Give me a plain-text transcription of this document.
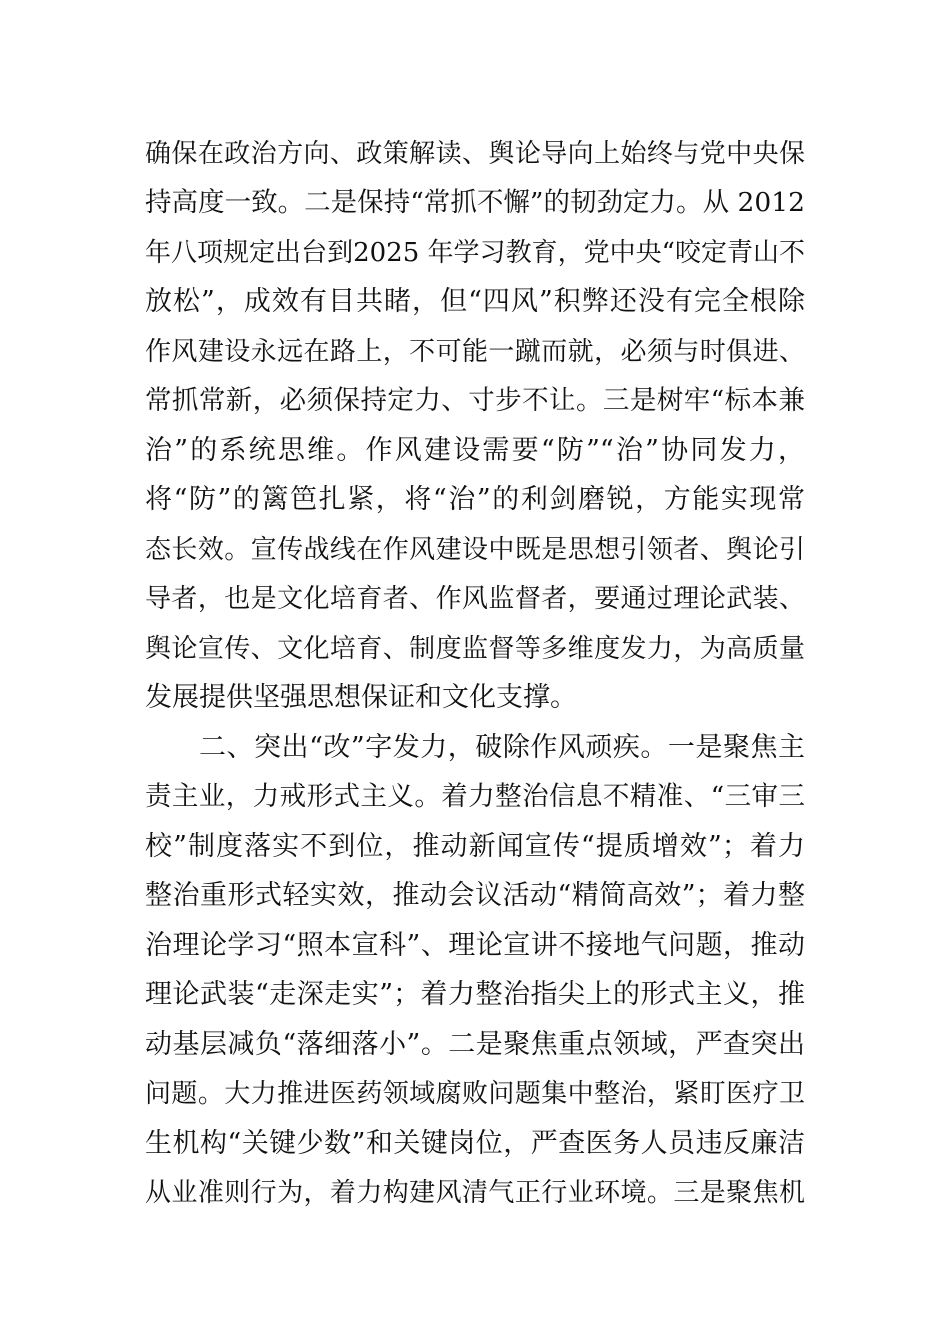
确保在政治方向、政策解读、舆论导向上始终与党中央保
持高度一致。二是保持“常抓不懈”的韧劲定力。从 2012
年八项规定出台到2025 年学习教育，党中央“咬定青山不
放松”，成效有目共睹，但“四风”积弊还没有完全根除
作风建设永远在路上，不可能一蹴而就，必须与时俱进、
常抓常新，必须保持定力、寸步不让。三是树牢“标本兼
治”的系统思维。作风建设需要“防”“治”协同发力，
将“防”的篱笆扎紧，将“治”的利剑磨锐，方能实现常
态长效。宣传战线在作风建设中既是思想引领者、舆论引
导者，也是文化培育者、作风监督者，要通过理论武装、
舆论宣传、文化培育、制度监督等多维度发力，为高质量
发展提供坚强思想保证和文化支撑。
二、突出“改”字发力，破除作风顽疾。一是聚焦主
责主业，力戒形式主义。着力整治信息不精准、“三审三
校”制度落实不到位，推动新闻宣传“提质增效”；着力
整治重形式轻实效，推动会议活动“精简高效”；着力整
治理论学习“照本宣科”、理论宣讲不接地气问题，推动
理论武装“走深走实”；着力整治指尖上的形式主义，推
动基层减负“落细落小”。二是聚焦重点领域，严查突出
问题。大力推进医药领域腐败问题集中整治，紧盯医疗卫
生机构“关键少数”和关键岗位，严查医务人员违反廉洁
从业准则行为，着力构建风清气正行业环境。三是聚焦机
